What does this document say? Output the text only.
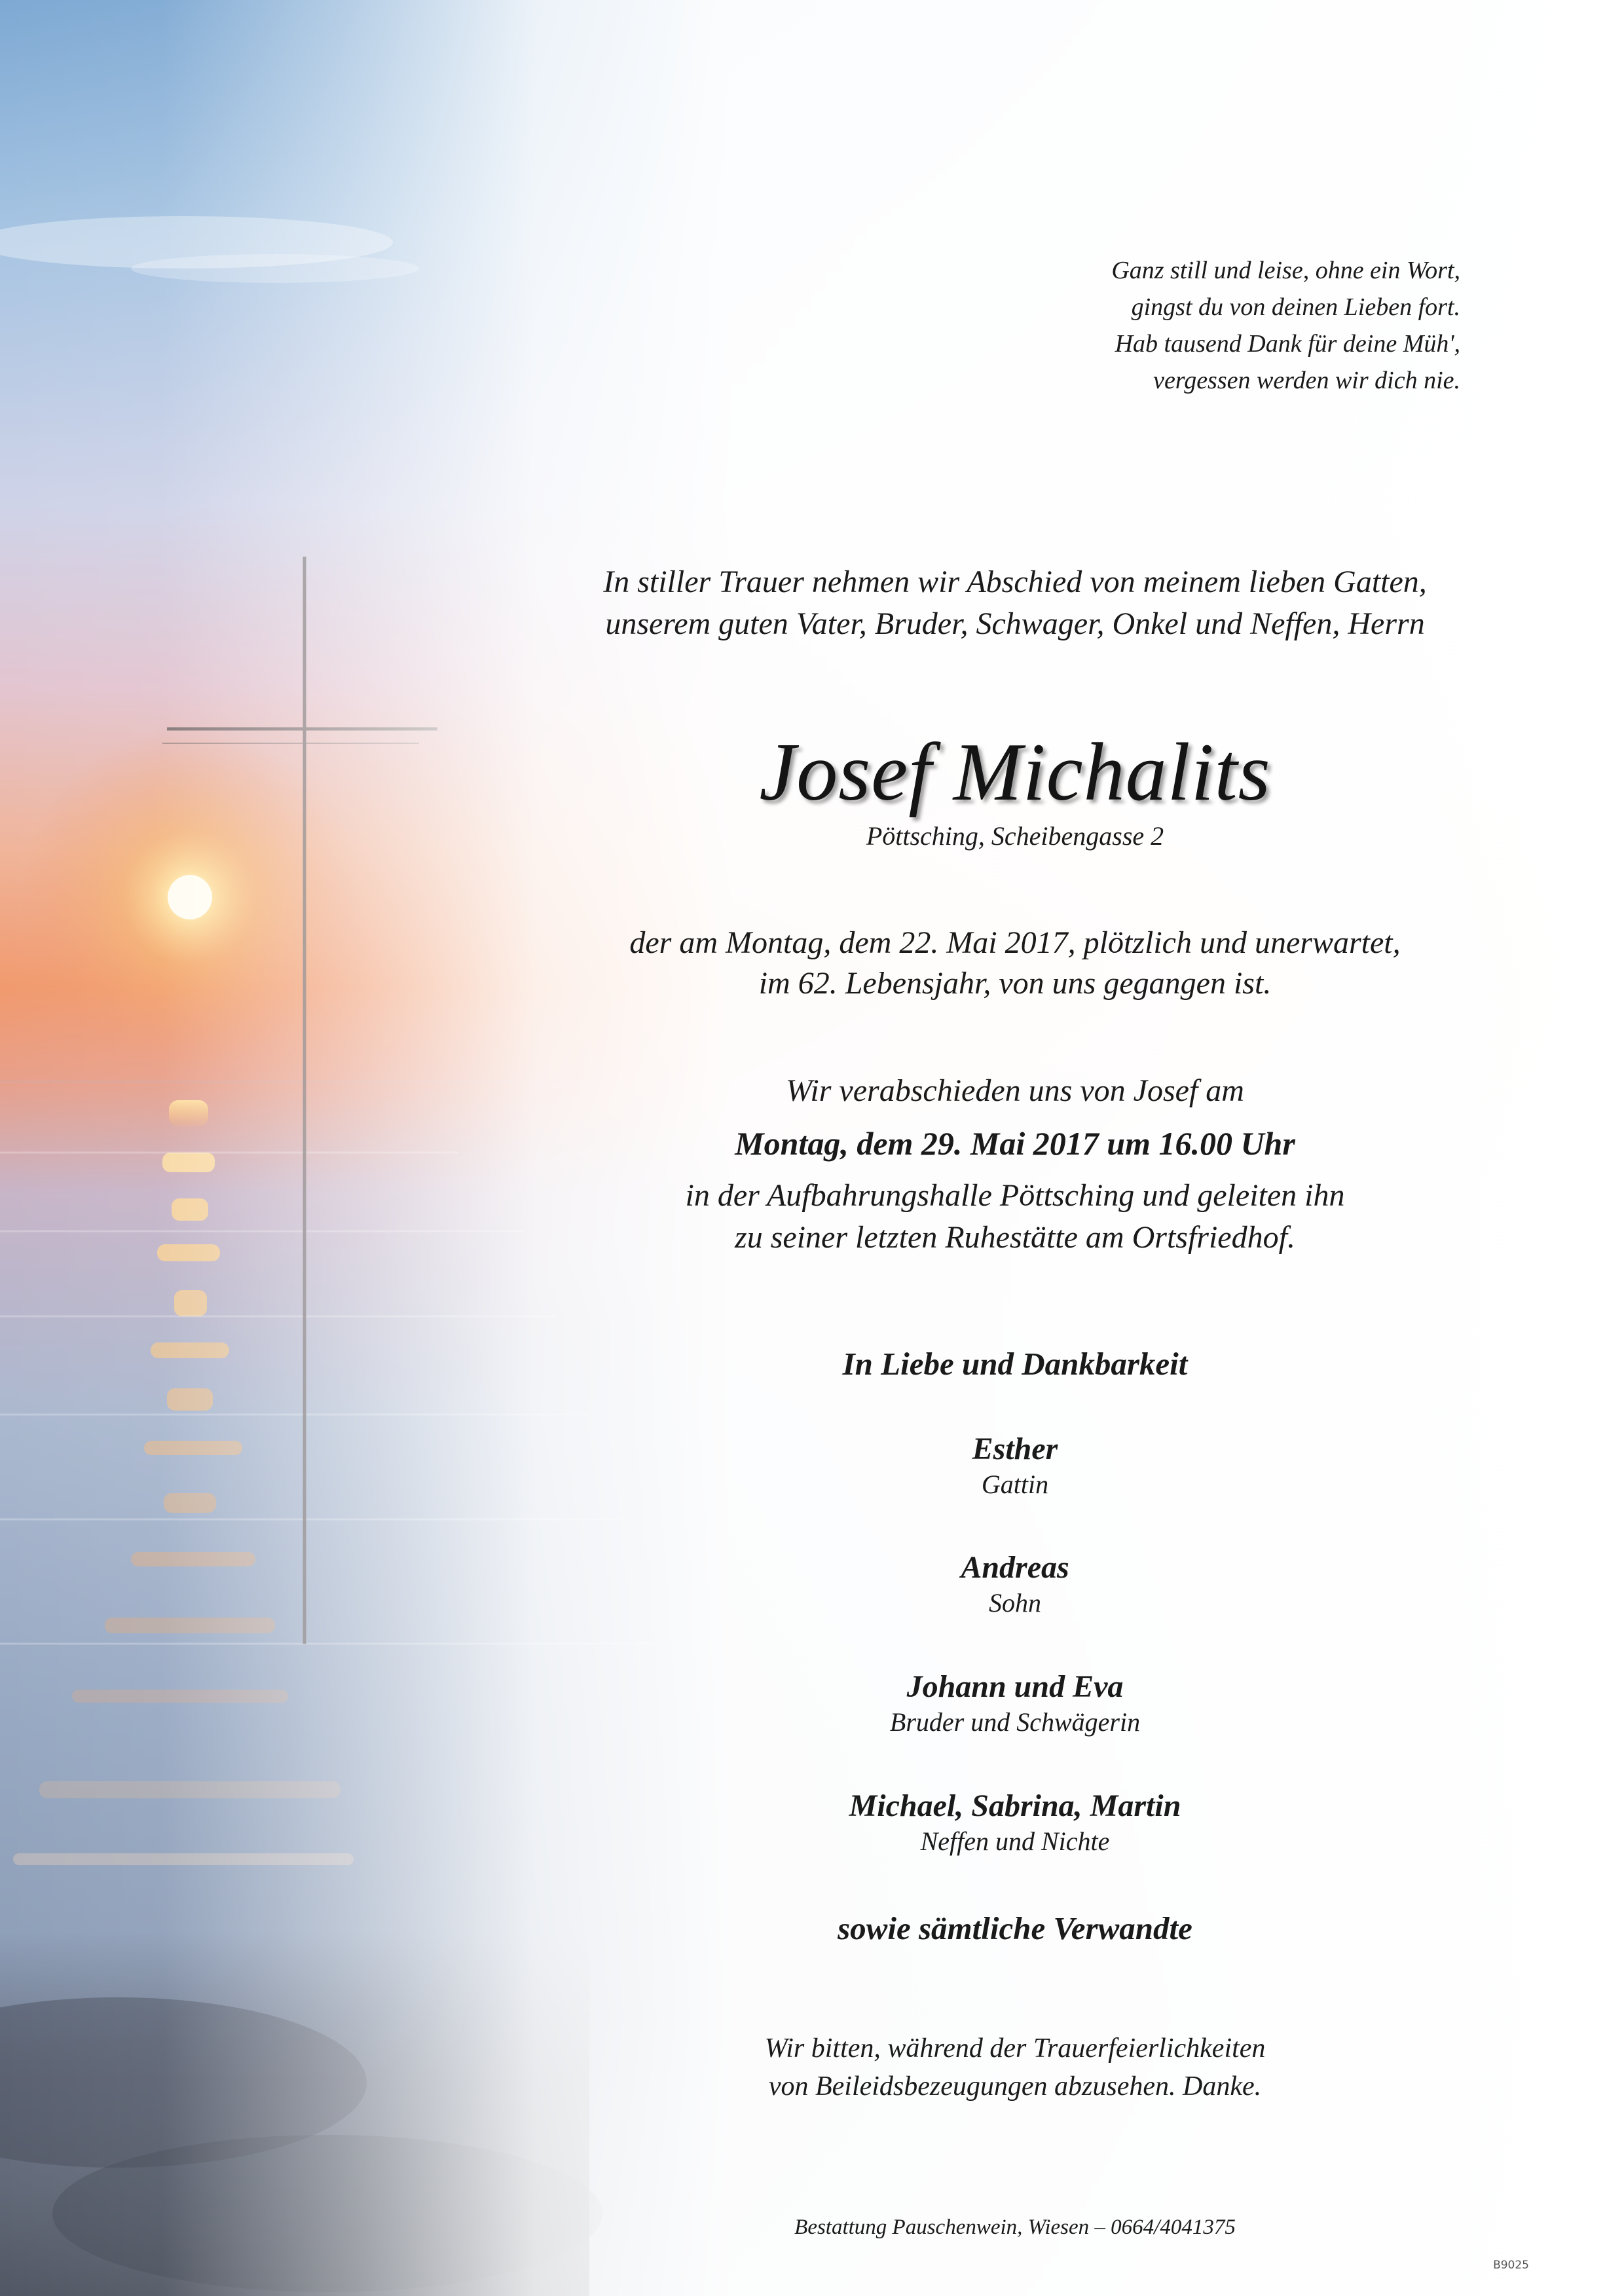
Ganz still und leise, ohne ein Wort,
gingst du von deinen Lieben fort.
Hab tausend Dank für deine Müh',
vergessen werden wir dich nie.
In stiller Trauer nehmen wir Abschied von meinem lieben Gatten,
unserem guten Vater, Bruder, Schwager, Onkel und Neffen, Herrn
Josef Michalits
Pöttsching, Scheibengasse 2
der am Montag, dem 22. Mai 2017, plötzlich und unerwartet,
im 62. Lebensjahr, von uns gegangen ist.
Wir verabschieden uns von Josef am
Montag, dem 29. Mai 2017 um 16.00 Uhr
in der Aufbahrungshalle Pöttsching und geleiten ihn
zu seiner letzten Ruhestätte am Ortsfriedhof.
In Liebe und Dankbarkeit
Esther
Gattin
Andreas
Sohn
Johann und Eva
Bruder und Schwägerin
Michael, Sabrina, Martin
Neffen und Nichte
sowie sämtliche Verwandte
Wir bitten, während der Trauerfeierlichkeiten
von Beileidsbezeugungen abzusehen. Danke.
Bestattung Pauschenwein, Wiesen – 0664/4041375
B9025
